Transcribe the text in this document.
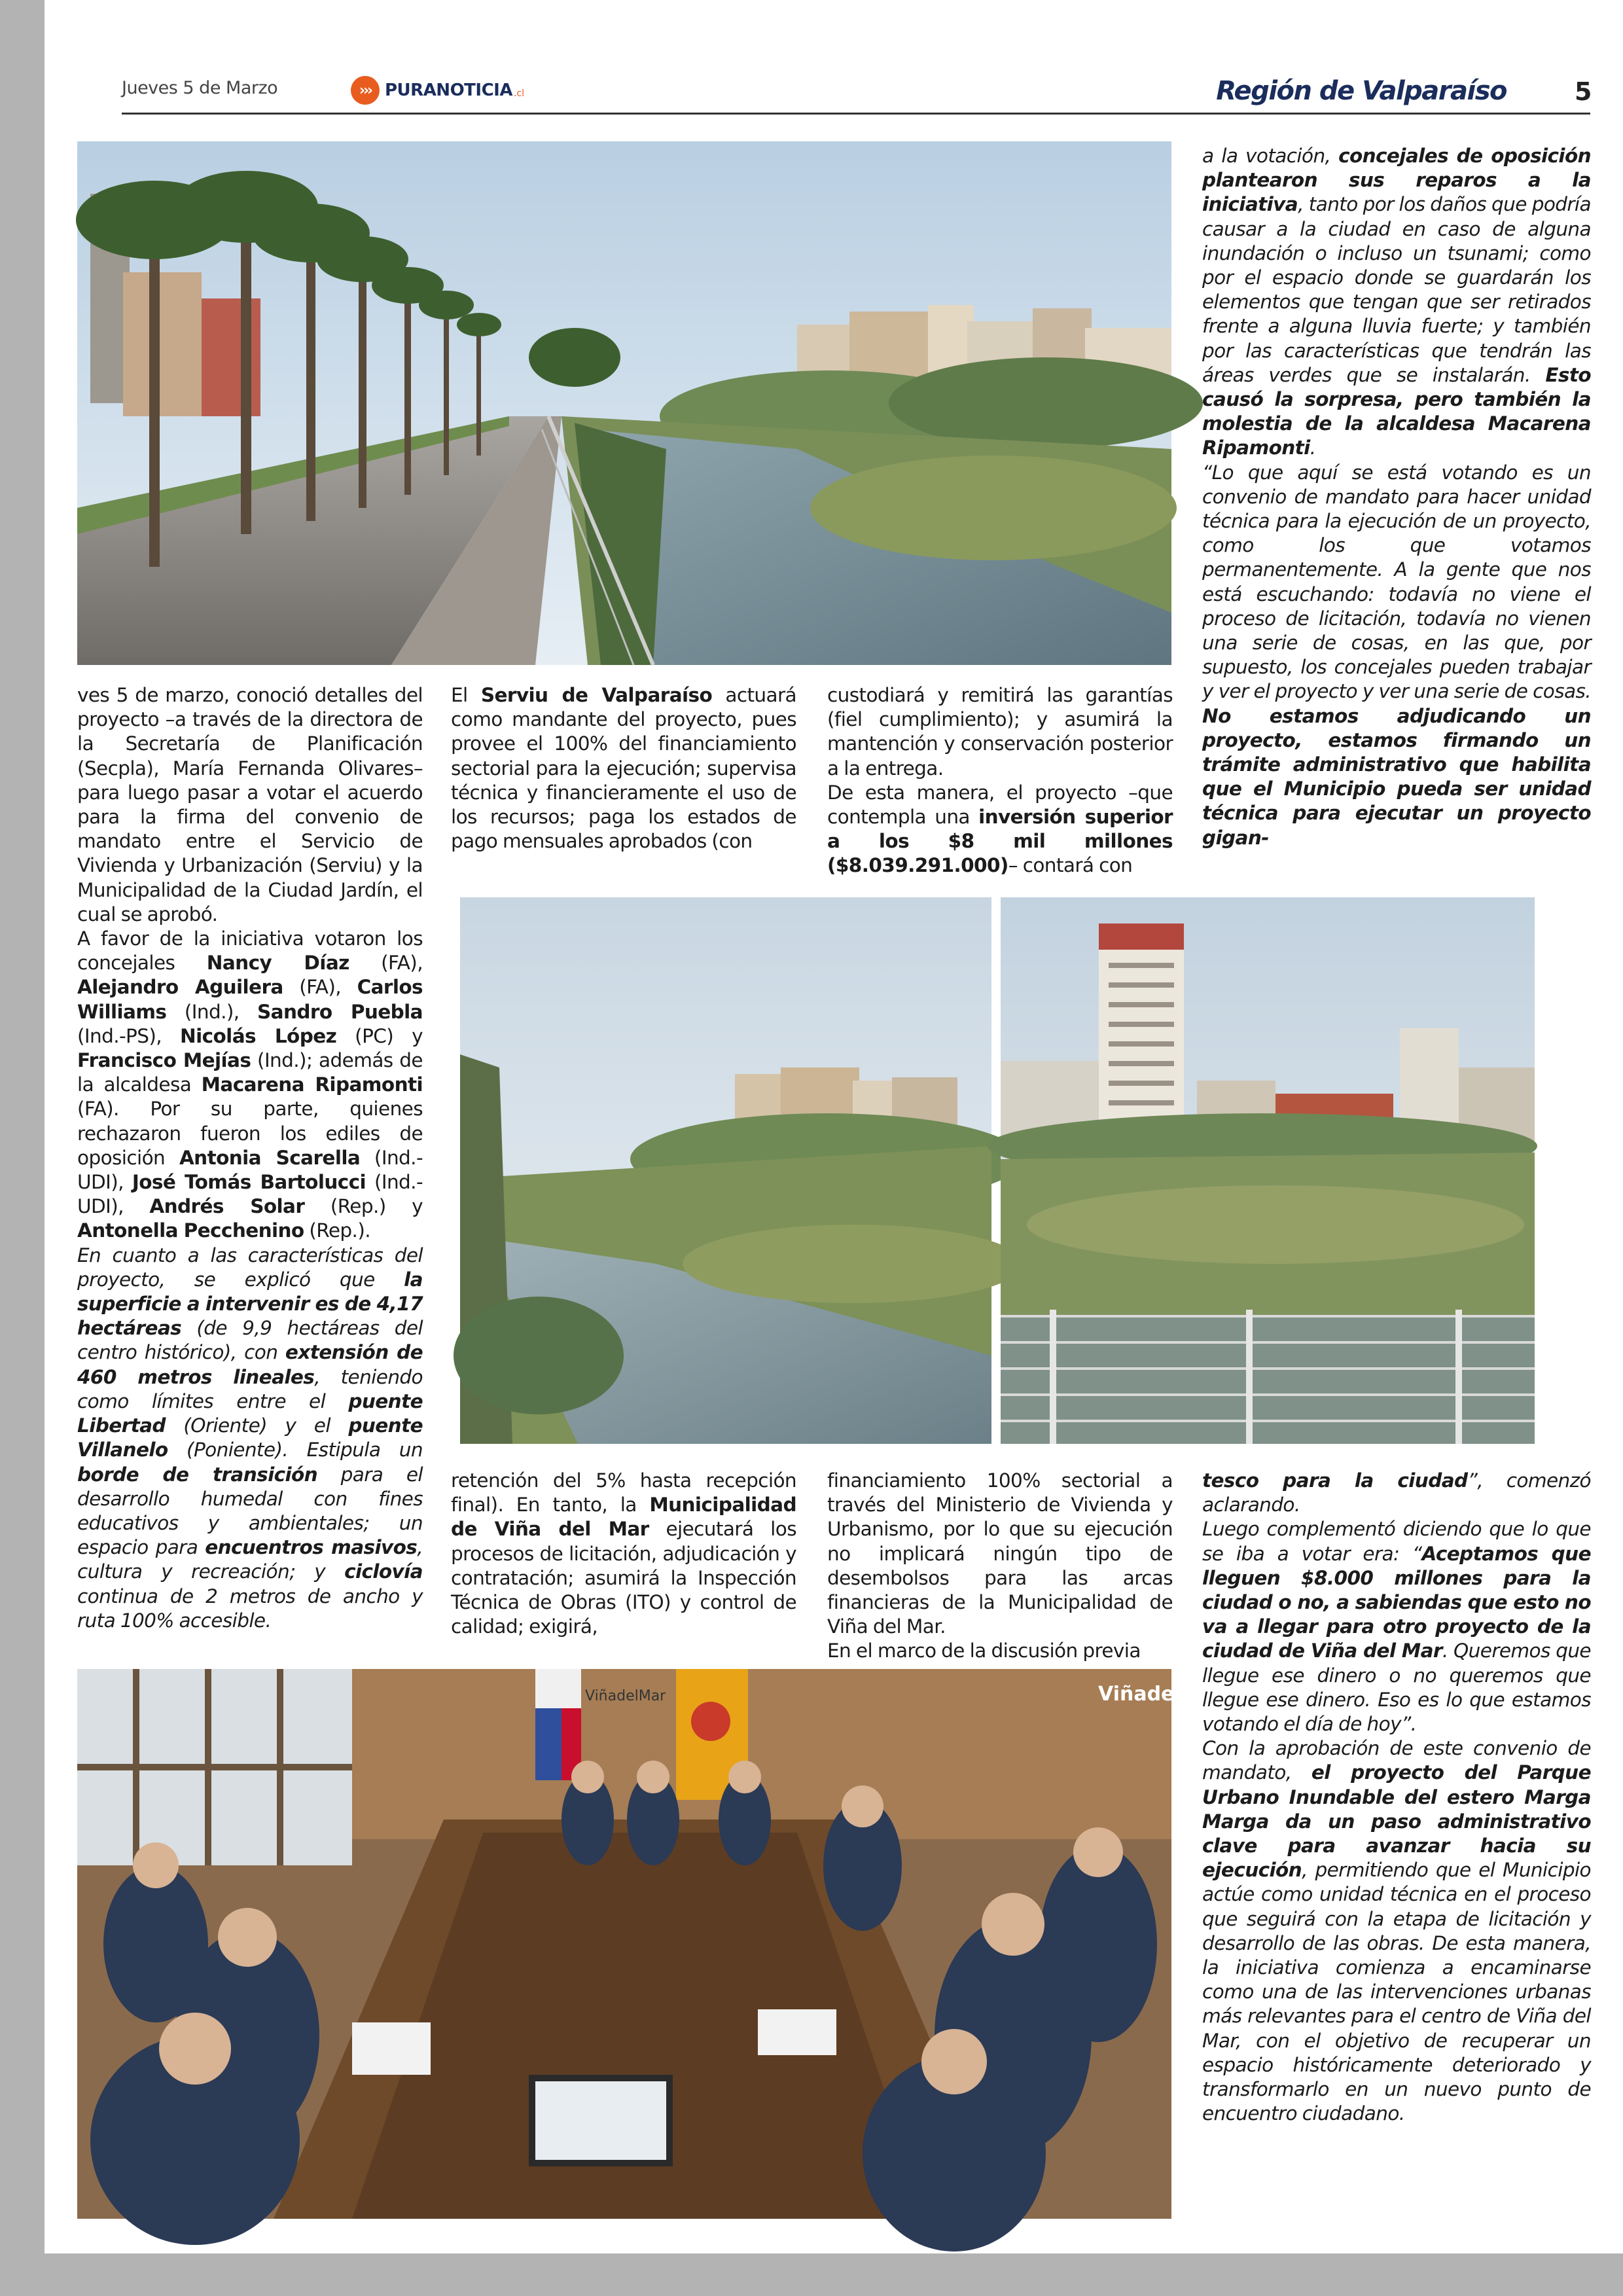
Jueves 5 de Marzo	››› PURANOTICIA .cl	Región de Valparaíso	5
ViñadelMar	ViñadelMar

ves 5 de marzo, conoció detalles del proyecto –a través de la directora de la Secretaría de Planificación (Secpla), María Fernanda Olivares– para luego pasar a votar el acuerdo para la firma del convenio de mandato entre el Servicio de Vivienda y Urbanización (Serviu) y la Municipalidad de la Ciudad Jardín, el cual se aprobó.

A favor de la iniciativa votaron los concejales Nancy Díaz (FA), Alejandro Aguilera (FA), Carlos Williams (Ind.), Sandro Puebla (Ind.-PS), Nicolás López (PC) y Francisco Mejías (Ind.); además de la alcaldesa Macarena Ripamonti (FA). Por su parte, quienes rechazaron fueron los ediles de oposición Antonia Scarella (Ind.-UDI), José Tomás Bartolucci (Ind.-UDI), Andrés Solar (Rep.) y Antonella Pecchenino (Rep.).

En cuanto a las características del proyecto, se explicó que la superficie a intervenir es de 4,17 hectáreas (de 9,9 hectáreas del centro histórico), con extensión de 460 metros lineales, teniendo como límites entre el puente Libertad (Oriente) y el puente Villanelo (Poniente). Estipula un borde de transición para el desarrollo humedal con fines educativos y ambientales; un espacio para encuentros masivos, cultura y recreación; y ciclovía continua de 2 metros de ancho y ruta 100% accesible.

El Serviu de Valparaíso actuará como mandante del proyecto, pues provee el 100% del financiamiento sectorial para la ejecución; supervisa técnica y financieramente el uso de los recursos; paga los estados de pago mensuales aprobados (con

custodiará y remitirá las garantías (fiel cumplimiento); y asumirá la mantención y conservación posterior a la entrega.

De esta manera, el proyecto –que contempla una inversión superior a los $8 mil millones ($8.039.291.000)– contará con

a la votación, concejales de oposición plantearon sus reparos a la iniciativa, tanto por los daños que podría causar a la ciudad en caso de alguna inundación o incluso un tsunami; como por el espacio donde se guardarán los elementos que tengan que ser retirados frente a alguna lluvia fuerte; y también por las características que tendrán las áreas verdes que se instalarán. Esto causó la sorpresa, pero también la molestia de la alcaldesa Macarena Ripamonti.

“Lo que aquí se está votando es un convenio de mandato para hacer unidad técnica para la ejecución de un proyecto, como los que votamos permanentemente. A la gente que nos está escuchando: todavía no viene el proceso de licitación, todavía no vienen una serie de cosas, en las que, por supuesto, los concejales pueden trabajar y ver el proyecto y ver una serie de cosas. No estamos adjudicando un proyecto, estamos firmando un trámite administrativo que habilita que el Municipio pueda ser unidad técnica para ejecutar un proyecto gigan-

retención del 5% hasta recepción final). En tanto, la Municipalidad de Viña del Mar ejecutará los procesos de licitación, adjudicación y contratación; asumirá la Inspección Técnica de Obras (ITO) y control de calidad; exigirá,

financiamiento 100% sectorial a través del Ministerio de Vivienda y Urbanismo, por lo que su ejecución no implicará ningún tipo de desembolsos para las arcas financieras de la Municipalidad de Viña del Mar.

En el marco de la discusión previa

tesco para la ciudad”, comenzó aclarando.

Luego complementó diciendo que lo que se iba a votar era: “Aceptamos que lleguen $8.000 millones para la ciudad o no, a sabiendas que esto no va a llegar para otro proyecto de la ciudad de Viña del Mar. Queremos que llegue ese dinero o no queremos que llegue ese dinero. Eso es lo que estamos votando el día de hoy”.

Con la aprobación de este convenio de mandato, el proyecto del Parque Urbano Inundable del estero Marga Marga da un paso administrativo clave para avanzar hacia su ejecución, permitiendo que el Municipio actúe como unidad técnica en el proceso que seguirá con la etapa de licitación y desarrollo de las obras. De esta manera, la iniciativa comienza a encaminarse como una de las intervenciones urbanas más relevantes para el centro de Viña del Mar, con el objetivo de recuperar un espacio históricamente deteriorado y transformarlo en un nuevo punto de encuentro ciudadano.
